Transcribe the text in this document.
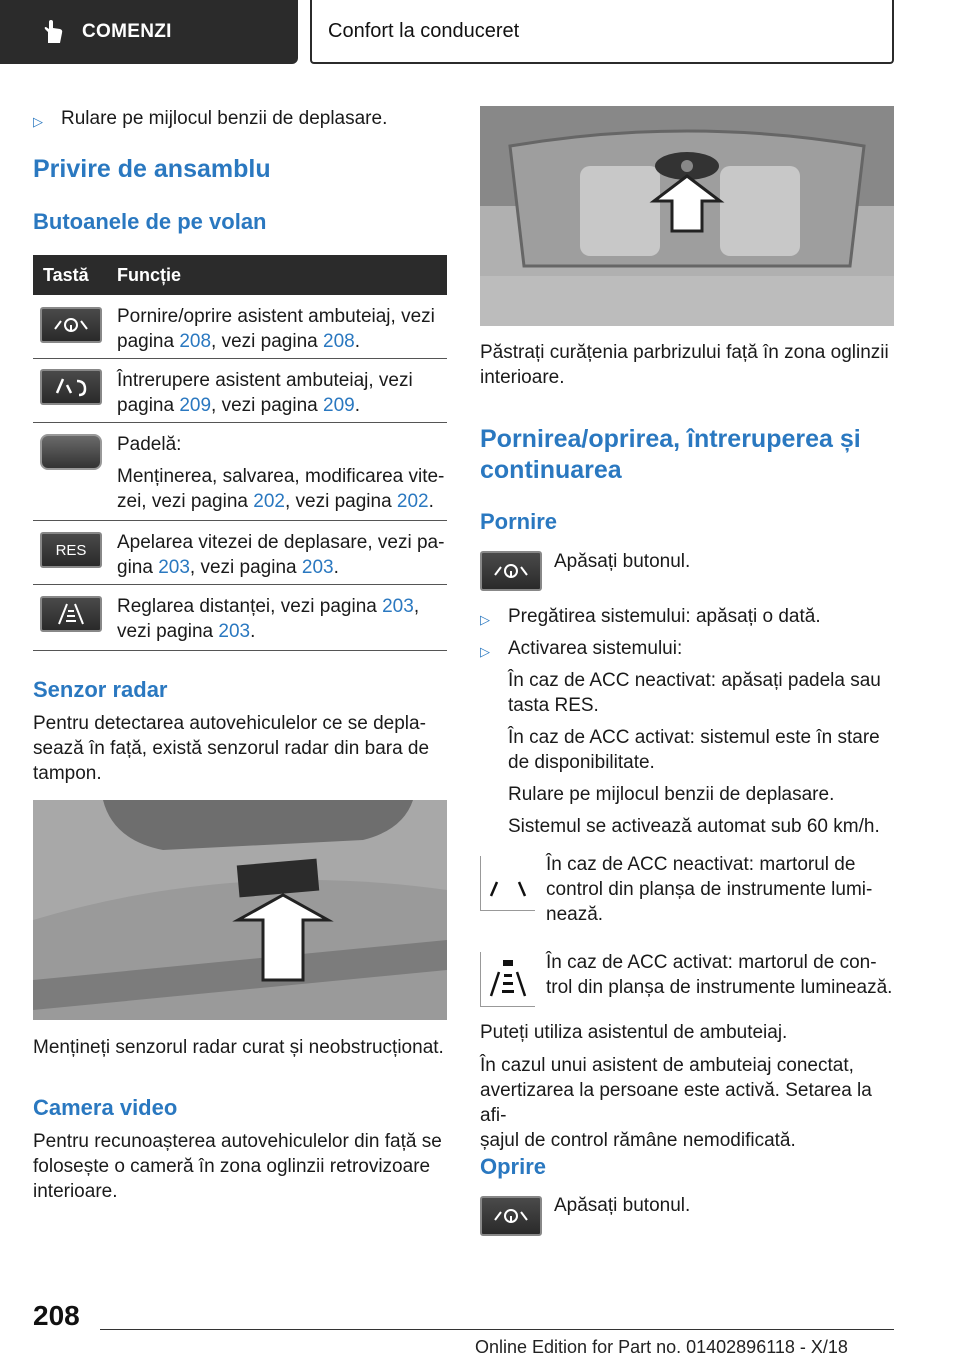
COMENZI	Confort la conduceret
▷ Rulare pe mijlocul benzii de deplasare.
Privire de ansamblu
Butoanele de pe volan
Tastă Funcție
Pornire/oprire asistent ambuteiaj, vezi
pagina 208, vezi pagina 208.
Întrerupere asistent ambuteiaj, vezi
pagina 209, vezi pagina 209.
Padelă:
Menținerea, salvarea, modificarea vite-
zei, vezi pagina 202, vezi pagina 202.
RES Apelarea vitezei de deplasare, vezi pa-
gina 203, vezi pagina 203.
Reglarea distanței, vezi pagina 203,
vezi pagina 203.
Senzor radar
Pentru detectarea autovehiculelor ce se depla-
sează în față, există senzorul radar din bara de
tampon.
Mențineți senzorul radar curat și neobstrucționat.
Camera video
Pentru recunoașterea autovehiculelor din față se
folosește o cameră în zona oglinzii retrovizoare
interioare.
Păstrați curățenia parbrizului față în zona oglinzii
interioare.
Pornirea/oprirea, întreruperea și
continuarea
Pornire
Apăsați butonul.
▷ Pregătirea sistemului: apăsați o dată.
▷ Activarea sistemului:
În caz de ACC neactivat: apăsați padela sau
tasta RES.
În caz de ACC activat: sistemul este în stare
de disponibilitate.
Rulare pe mijlocul benzii de deplasare.
Sistemul se activează automat sub 60 km/h.
În caz de ACC neactivat: martorul de
control din planșa de instrumente lumi-
nează.
În caz de ACC activat: martorul de con-
trol din planșa de instrumente luminează.
Puteți utiliza asistentul de ambuteiaj.
În cazul unui asistent de ambuteiaj conectat,
avertizarea la persoane este activă. Setarea la afi-
șajul de control rămâne nemodificată.
Oprire
Apăsați butonul.
208
Online Edition for Part no. 01402896118 - X/18
